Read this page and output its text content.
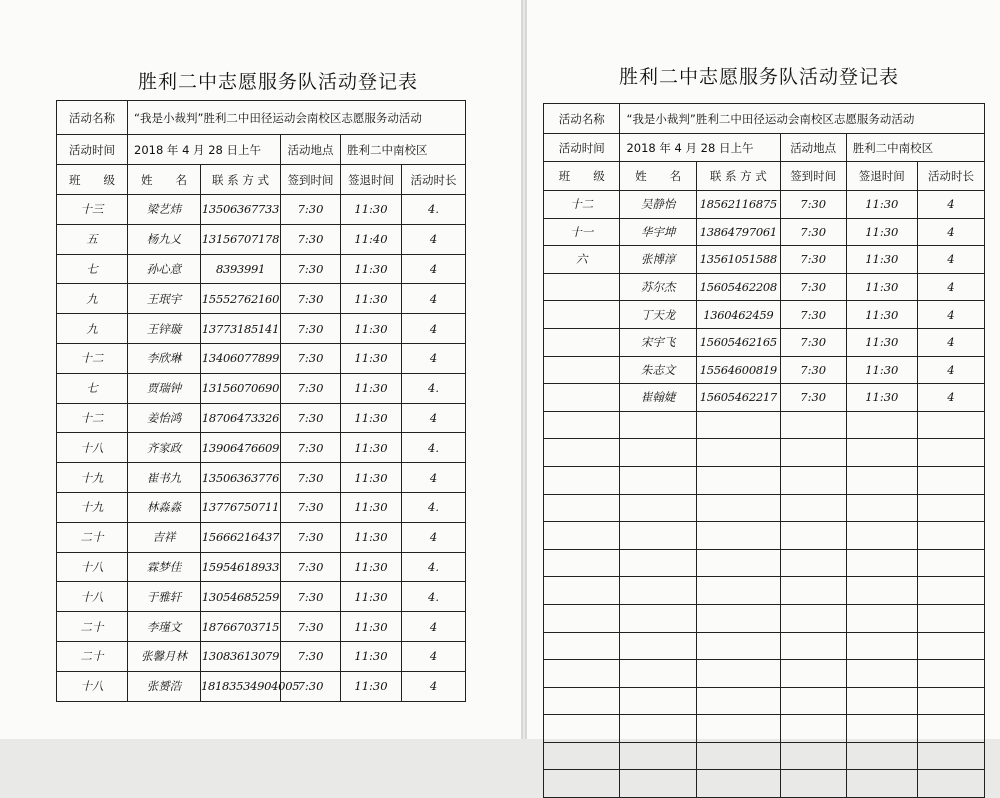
胜利二中志愿服务队活动登记表
活动名称	“我是小裁判”胜利二中田径运动会南校区志愿服务动活动				
活动时间	2018 年 4 月 28 日上午		活动地点	胜利二中南校区	
班　　级	姓　　名	联 系 方 式	签到时间	签退时间	活动时长
十三	梁艺炜	13506367733	7:30	11:30	4.
五	杨九乂	13156707178	7:30	11:40	4
七	孙心意	8393991	7:30	11:30	4
九	王珉宇	15552762160	7:30	11:30	4
九	王锌璇	13773185141	7:30	11:30	4
十二	李欣琳	13406077899	7:30	11:30	4
七	贾瑞钟	13156070690	7:30	11:30	4.
十二	姜怡鸿	18706473326	7:30	11:30	4
十八	齐家政	13906476609	7:30	11:30	4.
十九	崔书九	13506363776	7:30	11:30	4
十九	林淼淼	13776750711	7:30	11:30	4.
二十	吉祥	15666216437	7:30	11:30	4
十八	霖梦佳	15954618933	7:30	11:30	4.
十八	于雅轩	13054685259	7:30	11:30	4.
二十	李瑾文	18766703715	7:30	11:30	4
二十	张馨月林	13083613079	7:30	11:30	4
十八	张赟浩	18183534904005	7:30	11:30	4
胜利二中志愿服务队活动登记表
活动名称	“我是小裁判”胜利二中田径运动会南校区志愿服务动活动				
活动时间	2018 年 4 月 28 日上午		活动地点	胜利二中南校区	
班　　级	姓　　名	联 系 方 式	签到时间	签退时间	活动时长
十二	吴静怡	18562116875	7:30	11:30	4
十一	华宇坤	13864797061	7:30	11:30	4
六	张博淳	13561051588	7:30	11:30	4
	苏尔杰	15605462208	7:30	11:30	4
	丁天龙	1360462459	7:30	11:30	4
	宋宇飞	15605462165	7:30	11:30	4
	朱志文	15564600819	7:30	11:30	4
	崔翰婕	15605462217	7:30	11:30	4
